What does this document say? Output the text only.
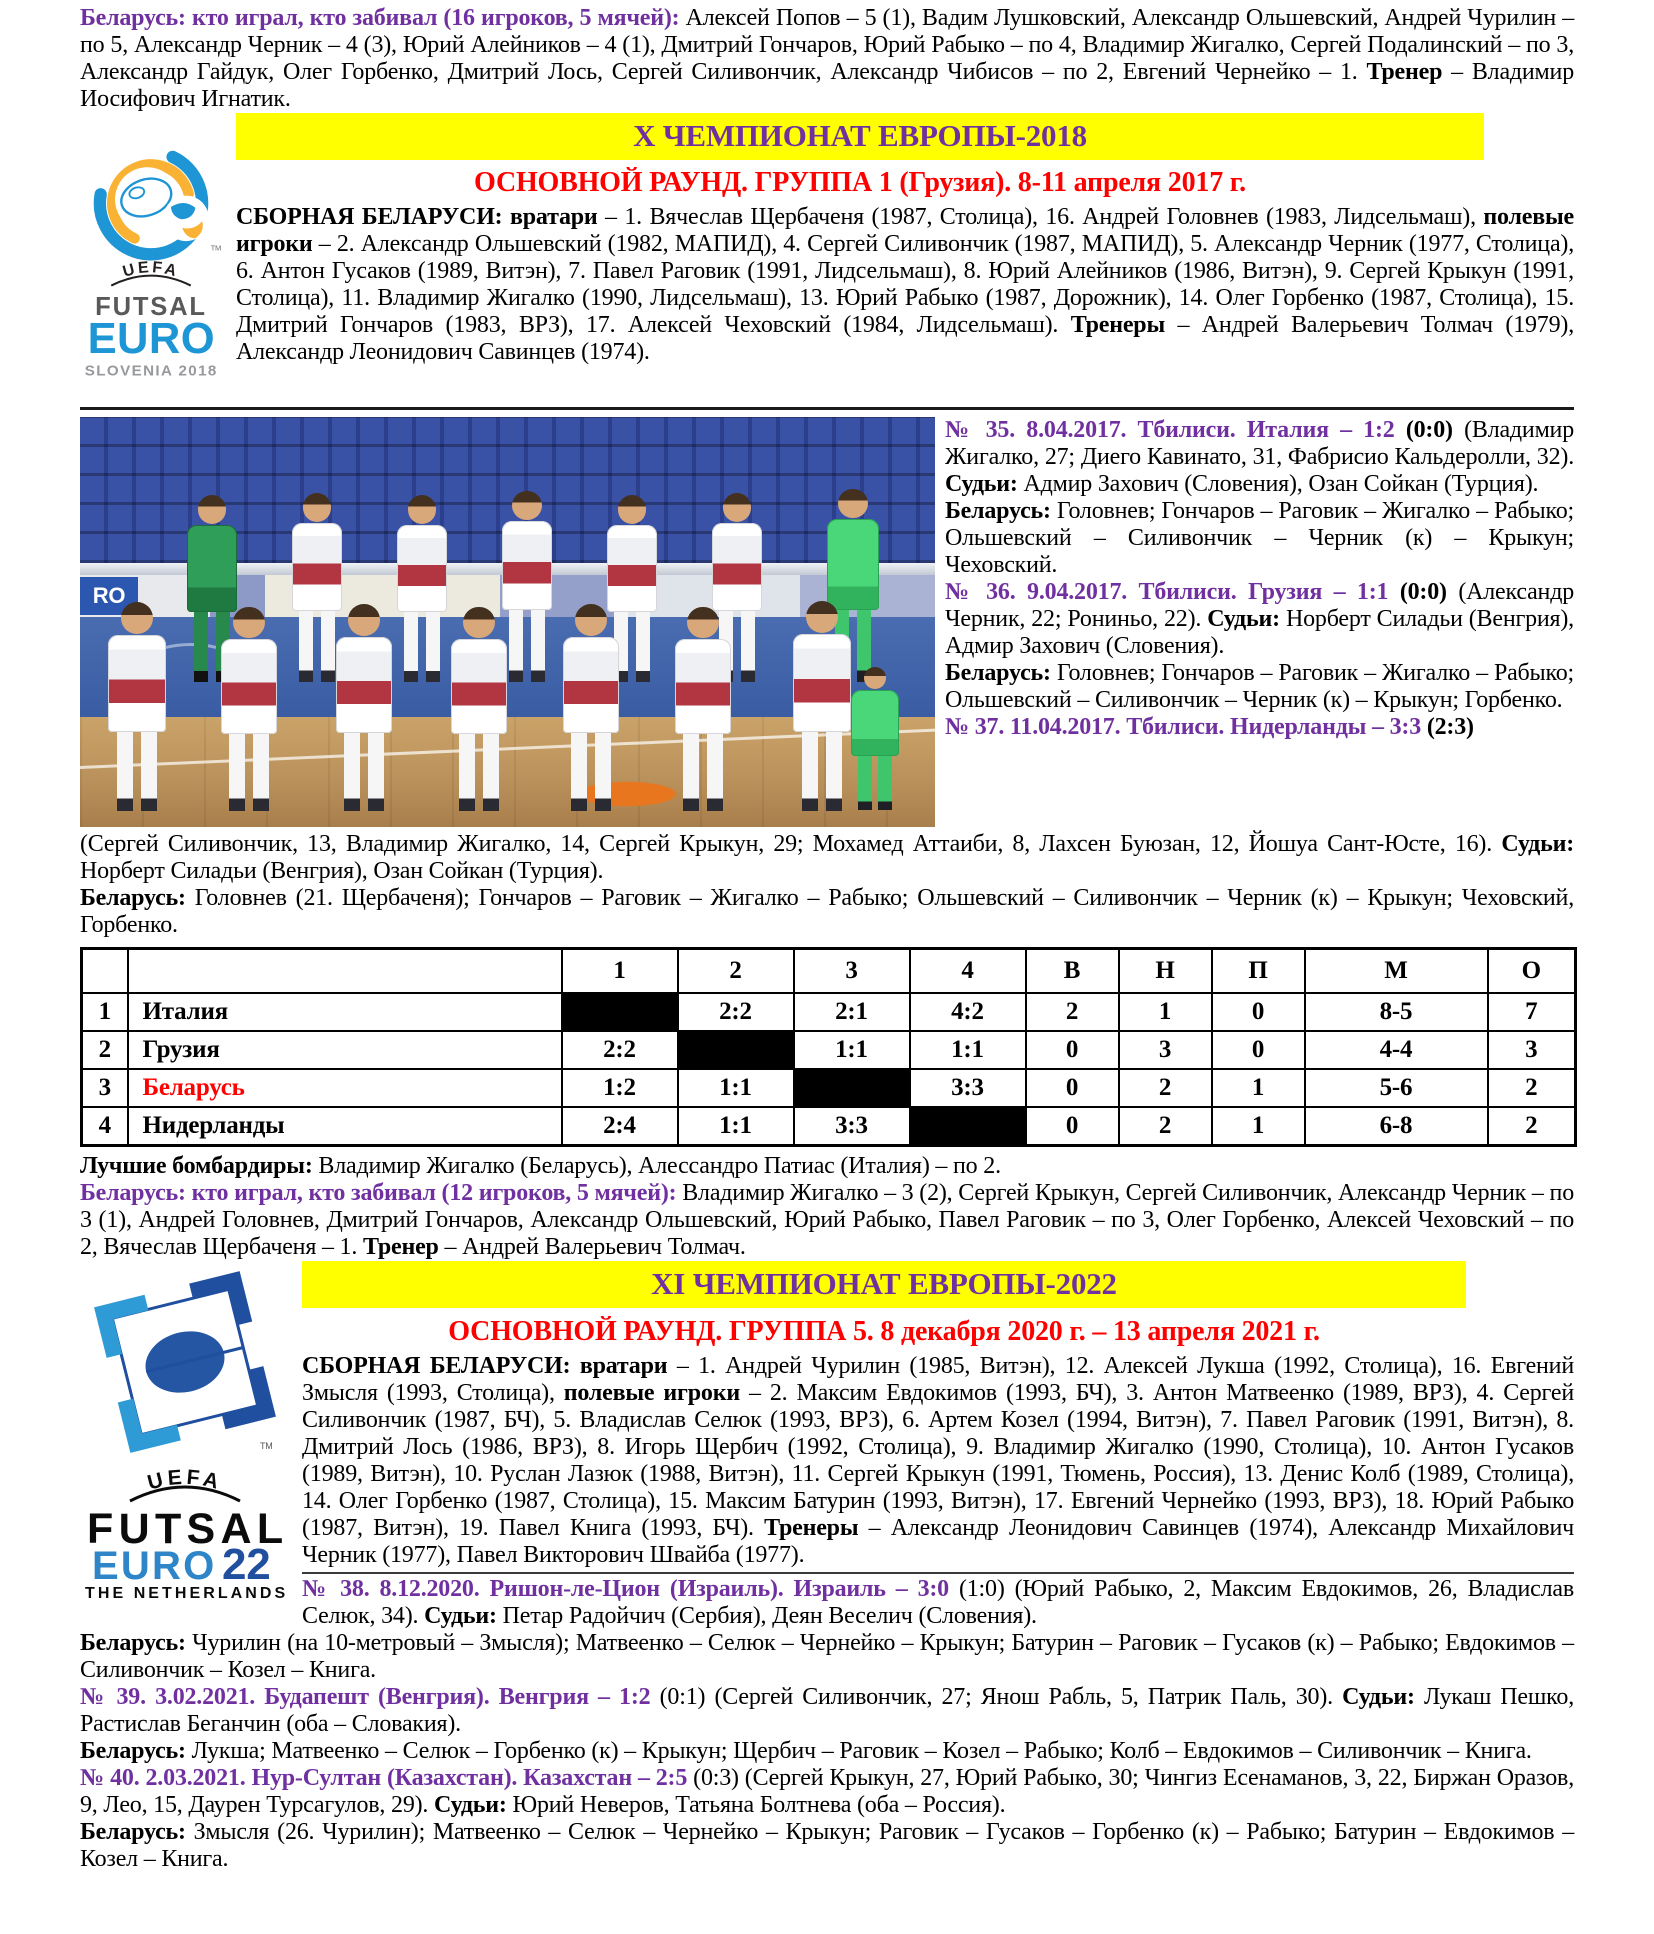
Беларусь: кто играл, кто забивал (16 игроков, 5 мячей): Алексей Попов – 5 (1), Вадим Лушковский, Александр Ольшевский, Андрей Чурилин – по 5, Александр Черник – 4 (3), Юрий Алейников – 4 (1), Дмитрий Гончаров, Юрий Рабыко – по 4, Владимир Жигалко, Сергей Подалинский – по 3, Александр Гайдук, Олег Горбенко, Дмитрий Лось, Сергей Силивончик, Александр Чибисов – по 2, Евгений Чернейко – 1. Тренер – Владимир Иосифович Игнатик.

TM
UEFA
FUTSAL
EURO
SLOVENIA 2018
X ЧЕМПИОНАТ ЕВРОПЫ-2018
ОСНОВНОЙ РАУНД. ГРУППА 1 (Грузия). 8-11 апреля 2017 г.

СБОРНАЯ БЕЛАРУСИ: вратари – 1. Вячеслав Щербаченя (1987, Столица), 16. Андрей Головнев (1983, Лидсельмаш), полевые игроки – 2. Александр Ольшевский (1982, МАПИД), 4. Сергей Силивончик (1987, МАПИД), 5. Александр Черник (1977, Столица), 6. Антон Гусаков (1989, Витэн), 7. Павел Раговик (1991, Лидсельмаш), 8. Юрий Алейников (1986, Витэн), 9. Сергей Крыкун (1991, Столица), 11. Владимир Жигалко (1990, Лидсельмаш), 13. Юрий Рабыко (1987, Дорожник), 14. Олег Горбенко (1987, Столица), 15. Дмитрий Гончаров (1983, ВРЗ), 17. Алексей Чеховский (1984, Лидсельмаш). Тренеры – Андрей Валерьевич Толмач (1979), Александр Леонидович Савинцев (1974).

RO

№ 35. 8.04.2017. Тбилиси. Италия – 1:2 (0:0) (Владимир Жигалко, 27; Диего Кавинато, 31, Фабрисио Кальдеролли, 32). Судьи: Адмир Захович (Словения), Озан Сойкан (Турция).

Беларусь: Головнев; Гончаров – Раговик – Жигалко – Рабыко; Ольшевский – Силивончик – Черник (к) – Крыкун; Чеховский.

№ 36. 9.04.2017. Тбилиси. Грузия – 1:1 (0:0) (Александр Черник, 22; Рониньо, 22). Судьи: Норберт Силадьи (Венгрия), Адмир Захович (Словения).

Беларусь: Головнев; Гончаров – Раговик – Жигалко – Рабыко; Ольшевский – Силивончик – Черник (к) – Крыкун; Горбенко.

№ 37. 11.04.2017. Тбилиси. Нидерланды – 3:3 (2:3)

(Сергей Силивончик, 13, Владимир Жигалко, 14, Сергей Крыкун, 29; Мохамед Аттаиби, 8, Лахсен Буюзан, 12, Йошуа Сант-Юсте, 16). Судьи: Норберт Силадьи (Венгрия), Озан Сойкан (Турция).

Беларусь: Головнев (21. Щербаченя); Гончаров – Раговик – Жигалко – Рабыко; Ольшевский – Силивончик – Черник (к) – Крыкун; Чеховский, Горбенко.

		1	2	3	4	В	Н	П	М	О
1	Италия		2:2	2:1	4:2	2	1	0	8-5	7
2	Грузия	2:2		1:1	1:1	0	3	0	4-4	3
3	Беларусь	1:2	1:1		3:3	0	2	1	5-6	2
4	Нидерланды	2:4	1:1	3:3		0	2	1	6-8	2

Лучшие бомбардиры: Владимир Жигалко (Беларусь), Алессандро Патиас (Италия) – по 2.

Беларусь: кто играл, кто забивал (12 игроков, 5 мячей): Владимир Жигалко – 3 (2), Сергей Крыкун, Сергей Силивончик, Александр Черник – по 3 (1), Андрей Головнев, Дмитрий Гончаров, Александр Ольшевский, Юрий Рабыко, Павел Раговик – по 3, Олег Горбенко, Алексей Чеховский – по 2, Вячеслав Щербаченя – 1. Тренер – Андрей Валерьевич Толмач.

TM
UEFA
FUTSAL
EURO 22
THE NETHERLANDS
XI ЧЕМПИОНАТ ЕВРОПЫ-2022
ОСНОВНОЙ РАУНД. ГРУППА 5. 8 декабря 2020 г. – 13 апреля 2021 г.

СБОРНАЯ БЕЛАРУСИ: вратари – 1. Андрей Чурилин (1985, Витэн), 12. Алексей Лукша (1992, Столица), 16. Евгений Змысля (1993, Столица), полевые игроки – 2. Максим Евдокимов (1993, БЧ), 3. Антон Матвеенко (1989, ВРЗ), 4. Сергей Силивончик (1987, БЧ), 5. Владислав Селюк (1993, ВРЗ), 6. Артем Козел (1994, Витэн), 7. Павел Раговик (1991, Витэн), 8. Дмитрий Лось (1986, ВРЗ), 8. Игорь Щербич (1992, Столица), 9. Владимир Жигалко (1990, Столица), 10. Антон Гусаков (1989, Витэн), 10. Руслан Лазюк (1988, Витэн), 11. Сергей Крыкун (1991, Тюмень, Россия), 13. Денис Колб (1989, Столица), 14. Олег Горбенко (1987, Столица), 15. Максим Батурин (1993, Витэн), 17. Евгений Чернейко (1993, ВРЗ), 18. Юрий Рабыко (1987, Витэн), 19. Павел Книга (1993, БЧ). Тренеры – Александр Леонидович Савинцев (1974), Александр Михайлович Черник (1977), Павел Викторович Швайба (1977).

№ 38. 8.12.2020. Ришон-ле-Цион (Израиль). Израиль – 3:0 (1:0) (Юрий Рабыко, 2, Максим Евдокимов, 26, Владислав Селюк, 34). Судьи: Петар Радойчич (Сербия), Деян Веселич (Словения).

Беларусь: Чурилин (на 10-метровый – Змысля); Матвеенко – Селюк – Чернейко – Крыкун; Батурин – Раговик – Гусаков (к) – Рабыко; Евдокимов – Силивончик – Козел – Книга.

№ 39. 3.02.2021. Будапешт (Венгрия). Венгрия – 1:2 (0:1) (Сергей Силивончик, 27; Янош Рабль, 5, Патрик Паль, 30). Судьи: Лукаш Пешко, Растислав Беганчин (оба – Словакия).

Беларусь: Лукша; Матвеенко – Селюк – Горбенко (к) – Крыкун; Щербич – Раговик – Козел – Рабыко; Колб – Евдокимов – Силивончик – Книга.

№ 40. 2.03.2021. Нур-Султан (Казахстан). Казахстан – 2:5 (0:3) (Сергей Крыкун, 27, Юрий Рабыко, 30; Чингиз Есенаманов, 3, 22, Биржан Оразов, 9, Лео, 15, Даурен Турсагулов, 29). Судьи: Юрий Неверов, Татьяна Болтнева (оба – Россия).

Беларусь: Змысля (26. Чурилин); Матвеенко – Селюк – Чернейко – Крыкун; Раговик – Гусаков – Горбенко (к) – Рабыко; Батурин – Евдокимов – Козел – Книга.
